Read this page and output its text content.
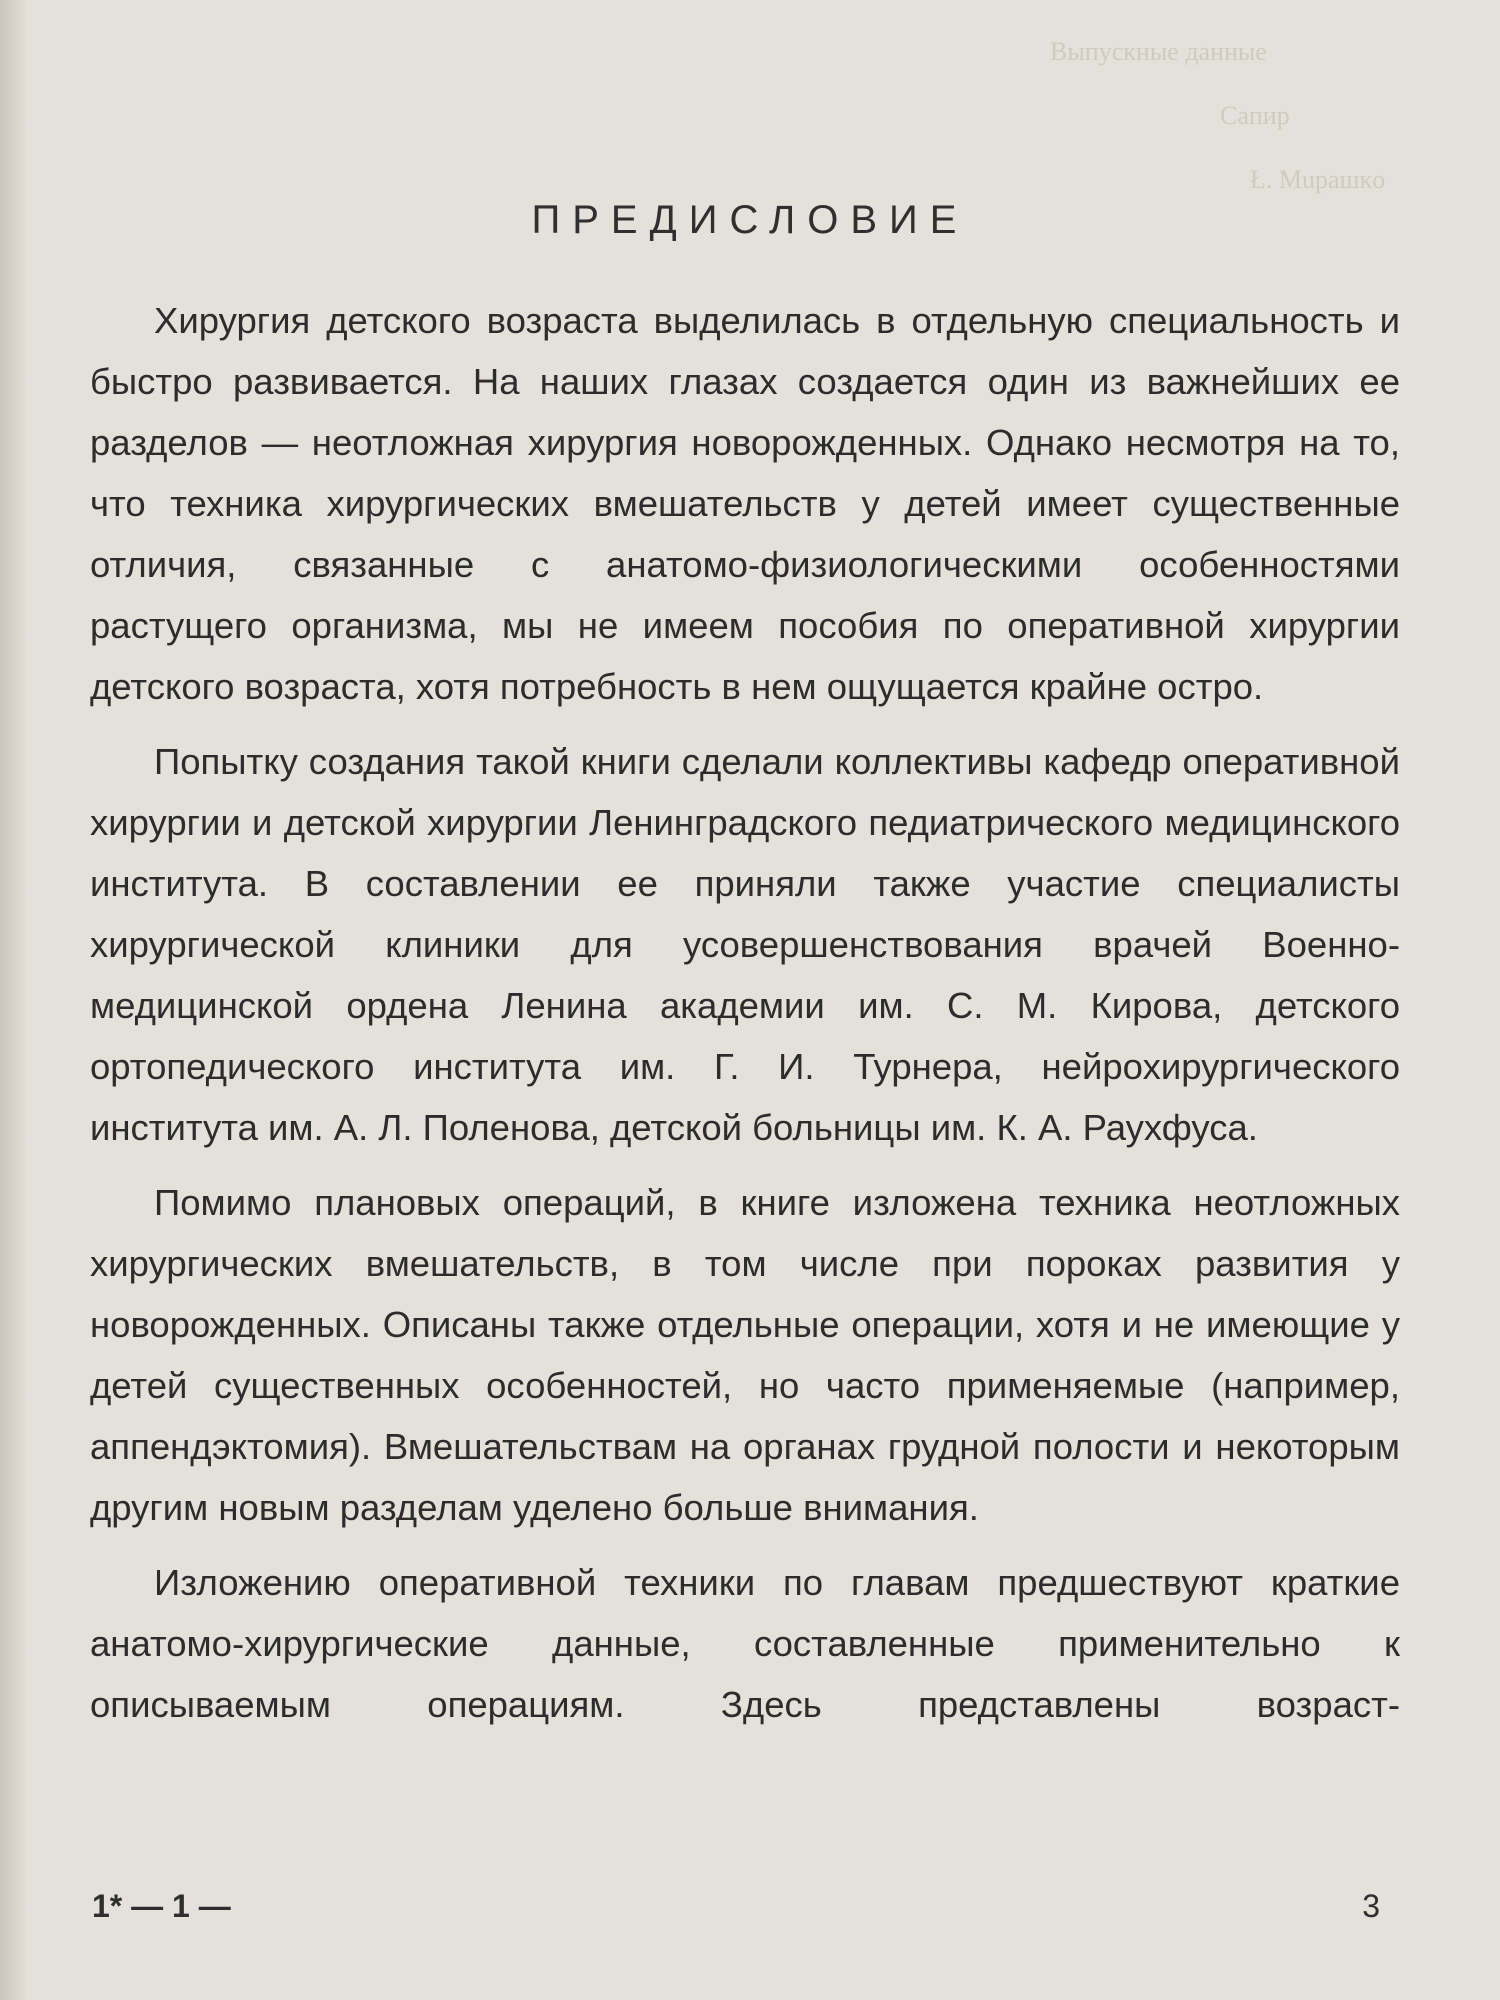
Bыпускные данные
Caпир
Ł. Мuрaшкo
ПРЕДИСЛОВИЕ

Хирургия детского возраста выделилась в отдельную специальность и быстро развивается. На наших глазах создается один из важнейших ее разделов — неотложная хирургия новорожденных. Однако несмотря на то, что техника хирургических вмешательств у детей имеет существенные отличия, связанные с анатомо-физиологическими особенностями растущего организма, мы не имеем пособия по оперативной хирургии детского возраста, хотя потребность в нем ощущается крайне остро.

Попытку создания такой книги сделали коллективы кафедр оперативной хирургии и детской хирургии Ленинградского педиатрического медицинского института. В составлении ее приняли также участие специалисты хирургической клиники для усовершенствования врачей Военно-медицинской ордена Ленина академии им. С. М. Кирова, детского ортопедического института им. Г. И. Турнера, нейрохирургического института им. А. Л. Поленова, детской больницы им. К. А. Раухфуса.

Помимо плановых операций, в книге изложена техника неотложных хирургических вмешательств, в том числе при пороках развития у новорожденных. Описаны также отдельные операции, хотя и не имеющие у детей существенных особенностей, но часто применяемые (например, аппендэктомия). Вмешательствам на органах грудной полости и некоторым другим новым разделам уделено больше внимания.

Изложению оперативной техники по главам предшествуют краткие анатомо-хирургические данные, составленные применительно к описываемым операциям. Здесь представлены возраст-

1* — 1 —	3
